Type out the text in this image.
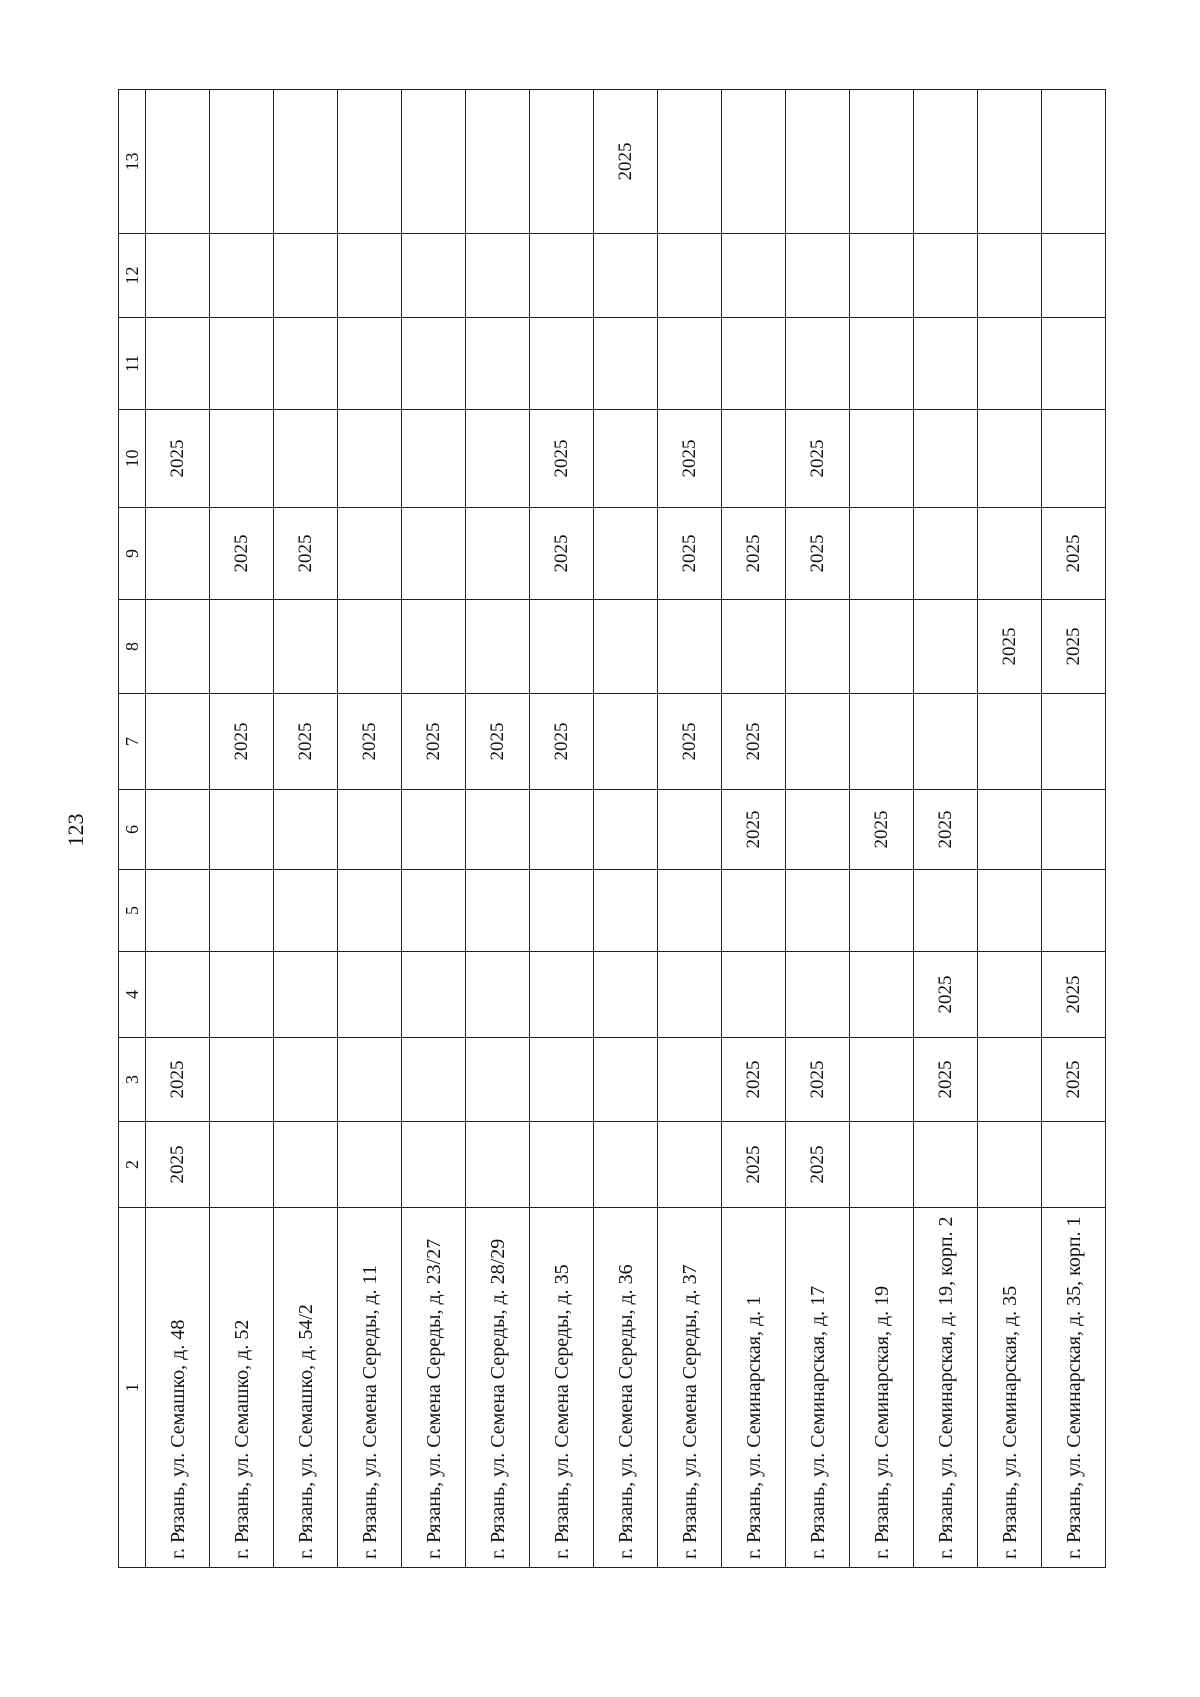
123
1	2	3	4	5	6	7	8	9	10	11	12	13
г. Рязань, ул. Семашко, д. 48	2025	2025							2025			
г. Рязань, ул. Семашко, д. 52						2025		2025				
г. Рязань, ул. Семашко, д. 54/2						2025		2025				
г. Рязань, ул. Семена Середы, д. 11						2025						
г. Рязань, ул. Семена Середы, д. 23/27						2025						
г. Рязань, ул. Семена Середы, д. 28/29						2025						
г. Рязань, ул. Семена Середы, д. 35						2025		2025	2025			
г. Рязань, ул. Семена Середы, д. 36												2025
г. Рязань, ул. Семена Середы, д. 37						2025		2025	2025			
г. Рязань, ул. Семинарская, д. 1	2025	2025			2025	2025		2025				
г. Рязань, ул. Семинарская, д. 17	2025	2025						2025	2025			
г. Рязань, ул. Семинарская, д. 19					2025							
г. Рязань, ул. Семинарская, д. 19, корп. 2		2025	2025		2025							
г. Рязань, ул. Семинарская, д. 35							2025					
г. Рязань, ул. Семинарская, д. 35, корп. 1		2025	2025				2025	2025				
